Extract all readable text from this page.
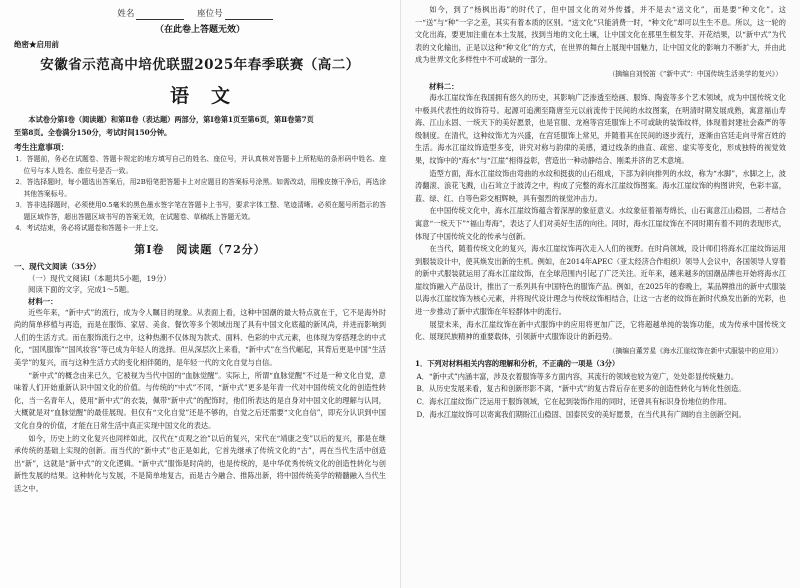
姓名	座位号
（在此卷上答题无效）
绝密★启用前
安徽省示范高中培优联盟2025年春季联赛（高二）
语文

本试卷分第Ⅰ卷（阅读题）和第Ⅱ卷（表达题）两部分，第Ⅰ卷第1页至第6页，第Ⅱ卷第7页

至第8页。全卷满分150分，考试时间150分钟。

考生注意事项：

1．答题前，务必在试题卷、答题卡规定的地方填写自己的姓名、座位号，并认真核对答题卡上所粘贴的条形码中姓名、座位号与本人姓名、座位号是否一致。

2．答选择题时，每小题选出答案后，用2B铅笔把答题卡上对应题目的答案标号涂黑。如需改动，用橡皮擦干净后，再选涂其他答案标号。

3．答非选择题时，必须使用0.5毫米的黑色墨水签字笔在答题卡上书写，要求字体工整、笔迹清晰。必须在题号所指示的答题区域作答，超出答题区域书写的答案无效，在试题卷、草稿纸上答题无效。

4．考试结束，务必将试题卷和答题卡一并上交。

第Ⅰ卷　阅读题（72分）
一、现代文阅读（35分）
（一）现代文阅读Ⅰ（本题共5小题，19分）
阅读下面的文字，完成1～5题。
材料一：

近些年来，“新中式”的流行，成为令人瞩目的现象。从表面上看，这种中国潮的最大特点就在于，它不是海外时尚的简单移植与再造，而是在服饰、家居、美食、餐饮等多个领域出现了具有中国文化底蕴的新风尚，并进而影响到人们的生活方式。而在服饰流行之中，这种热潮不仅体现为款式、面料、色彩的中式元素，也体现为穿搭理念的中式化，“国风服饰”“国风妆容”等已成为年轻人的选择。但从深层次上来看，“新中式”在当代崛起，其背后更是中国“生活美学”的复兴，而与这种生活方式的变化相伴随的，是年轻一代的文化自觉与自信。

“新中式”的概念由来已久，它被视为当代中国的“血脉觉醒”。实际上，所谓“血脉觉醒”不过是一种文化自觉，意味着人们开始重新认识中国文化的价值。与传统的“中式”不同，“新中式”更多是年青一代对中国传统文化的创造性转化，当一名青年人，使用“新中式”的衣装，佩带“新中式”的配饰时，他们所表达的是自身对中国文化的理解与认同，大概就是对“血脉觉醒”的最佳展现。但仅有“文化自觉”还是不够的，自觉之后还需要“文化自信”，即充分认识到中国文化自身的价值，才能在日常生活中真正实现中国文化的表达。

如今，历史上的文化复兴也同样如此，汉代在“贞观之治”以后的复兴，宋代在“靖康之变”以后的复兴，都是在继承传统的基础上实现的创新。而当代的“新中式”也正是如此，它首先继承了传统文化的“古”，再在当代生活中创造出“新”，这就是“新中式”的文化逻辑。“新中式”服饰是时尚的，也是传统的，是中华优秀传统文化的创造性转化与创新性发展的结果。这种转化与发展，不是简单地复古，而是古今融合、推陈出新，将中国传统美学的精髓融入当代生活之中。

如今，到了“杨枫出海”的时代了，但中国文化的对外传播，并不是去“送文化”，而是要“种文化”。这一“送”与“种”一字之差，其实有着本质的区别。“送文化”只能消费一时，“种文化”却可以生生不息。所以，这一轮的文化出海，要更加注重在本土发展，找到当地的文化土壤，让中国文化在那里生根发芽、开花结果，以“新中式”为代表的文化输出，正是以这种“种文化”的方式，在世界的舞台上展现中国魅力，让中国文化的影响力不断扩大，并由此成为世界文化多样性中不可或缺的一部分。

（摘编自刘悦笛《“新中式”：中国传统生活美学的复兴》）
材料二：

海水江崖纹饰在我国拥有悠久的历史，其影响广泛渗透至绘画、服饰、陶瓷等多个艺术领域，成为中国传统文化中极具代表性的纹饰符号。起源可追溯至隋唐至元以前流传于民间的水纹图案，在明清时期发展成熟，寓意福山寿海、江山永固、一统天下的美好愿景，也是官服、龙袍等宫廷服饰上不可或缺的装饰纹样，体现着封建社会森严的等级制度。在清代，这种纹饰尤为兴盛，在宫廷服饰上常见，并随着其在民间的逐步流行，逐渐由宫廷走向寻常百姓的生活。海水江崖纹饰造型多变，讲究对称与韵律的美感，通过线条的曲直、疏密、虚实等变化，形成独特的视觉效果，纹饰中的“海水”与“江崖”相得益彰，营造出一种动静结合、刚柔并济的艺术意境。

造型方面，海水江崖纹饰由弯曲的水纹和挺拔的山石组成，下部为斜向排列的水纹，称为“水脚”，水脚之上，波涛翻滚、浪花飞溅，山石耸立于波涛之中，构成了完整的海水江崖纹饰图案。海水江崖纹饰的构图讲究，色彩丰富，蓝、绿、红、白等色彩交相辉映，具有强烈的视觉冲击力。

在中国传统文化中，海水江崖纹饰蕴含着深厚的象征意义。水纹象征着福寿绵长，山石寓意江山稳固，二者结合寓意“一统天下”“福山寿海”，表达了人们对美好生活的向往。同时，海水江崖纹饰在不同时期有着不同的表现形式，体现了中国传统文化的传承与创新。

在当代，随着传统文化的复兴，海水江崖纹饰再次走入人们的视野。在时尚领域，设计师们将海水江崖纹饰运用到服装设计中，使其焕发出新的生机。例如，在2014年APEC（亚太经济合作组织）领导人会议中，各国领导人穿着的新中式服装就运用了海水江崖纹饰，在全球范围内引起了广泛关注。近年来，越来越多的国潮品牌也开始将海水江崖纹饰融入产品设计，推出了一系列具有中国特色的服饰产品。例如，在2025年的春晚上，某品牌推出的新中式服装以海水江崖纹饰为核心元素，并将现代设计理念与传统纹饰相结合，让这一古老的纹饰在新时代焕发出新的光彩，也进一步推动了新中式服饰在年轻群体中的流行。

展望未来，海水江崖纹饰在新中式服饰中的应用将更加广泛，它将超越单纯的装饰功能，成为传承中国传统文化、展现民族精神的重要载体，引领新中式服饰设计的新趋势。

（摘编自董芳星《海水江崖纹饰在新中式服装中的应用》）
1．下列对材料相关内容的理解和分析，不正确的一项是（3分）

A．“新中式”内涵丰富，涉及衣着服饰等多方面内容，其流行的领域也较为宽广，处处彰显传统魅力。

B．从历史发展来看，复古和创新形影不离，“新中式”的复古背后存在更多的创造性转化与转化性创造。

C．海水江崖纹饰广泛运用于服饰领域，它在起到装饰作用的同时，还曾具有标识身份地位的作用。

D．海水江崖纹饰可以寄寓我们期盼江山稳固、国泰民安的美好愿景，在当代具有广阔的自主创新空间。
